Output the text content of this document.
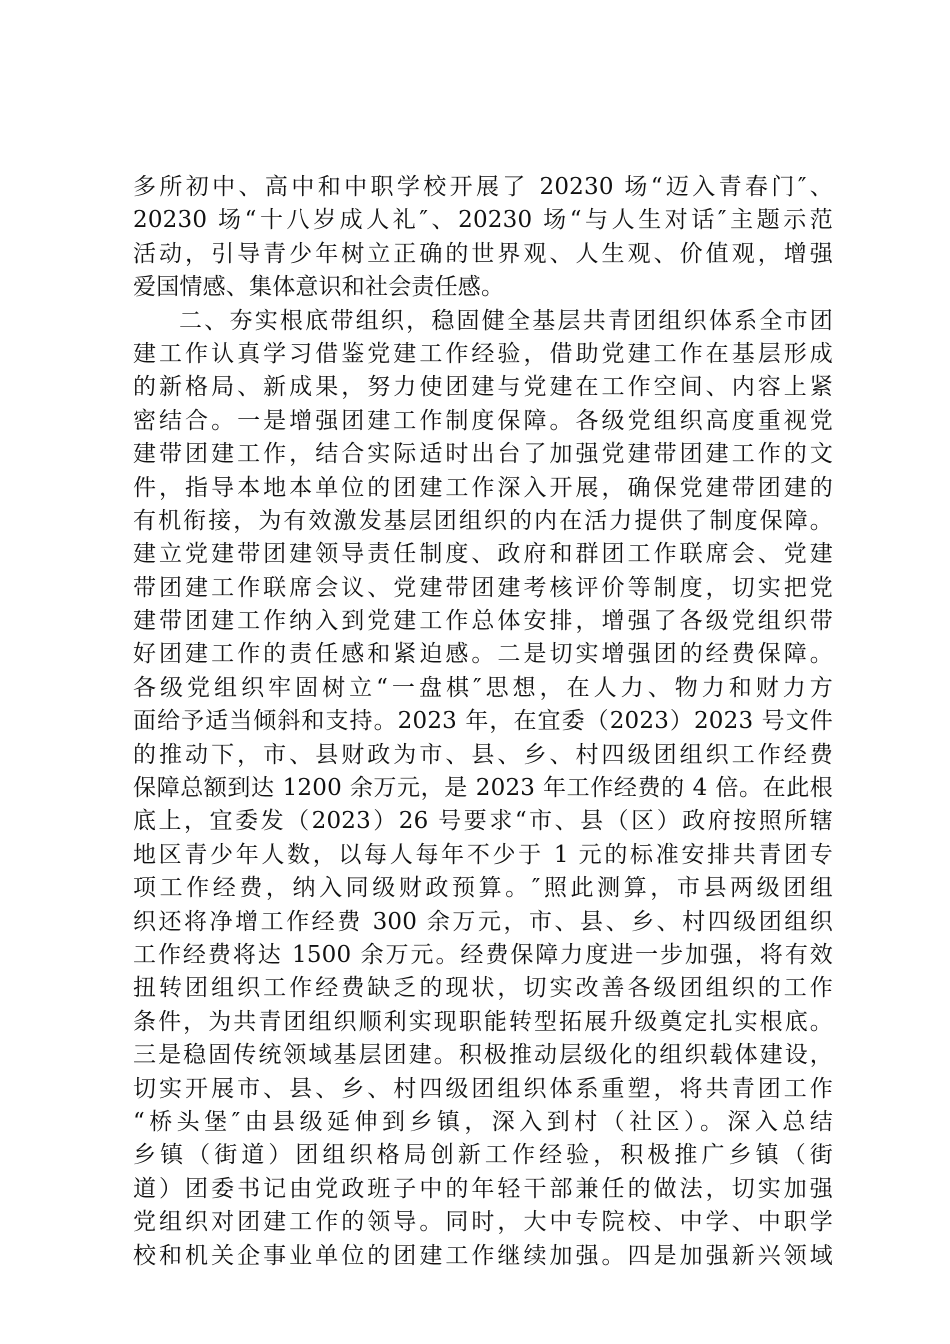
多所初中、高中和中职学校开展了 20230 场“迈入青春门″、
20230 场“十八岁成人礼″、20230 场“与人生对话″主题示范
活动，引导青少年树立正确的世界观、人生观、价值观，增强
爱国情感、集体意识和社会责任感。
二、夯实根底带组织，稳固健全基层共青团组织体系全市团
建工作认真学习借鉴党建工作经验，借助党建工作在基层形成
的新格局、新成果，努力使团建与党建在工作空间、内容上紧
密结合。一是增强团建工作制度保障。各级党组织高度重视党
建带团建工作，结合实际适时出台了加强党建带团建工作的文
件，指导本地本单位的团建工作深入开展，确保党建带团建的
有机衔接，为有效激发基层团组织的内在活力提供了制度保障。
建立党建带团建领导责任制度、政府和群团工作联席会、党建
带团建工作联席会议、党建带团建考核评价等制度，切实把党
建带团建工作纳入到党建工作总体安排，增强了各级党组织带
好团建工作的责任感和紧迫感。二是切实增强团的经费保障。
各级党组织牢固树立“一盘棋″思想，在人力、物力和财力方
面给予适当倾斜和支持。2023 年，在宜委（2023）2023 号文件
的推动下，市、县财政为市、县、乡、村四级团组织工作经费
保障总额到达 1200 余万元，是 2023 年工作经费的 4 倍。在此根
底上，宜委发（2023）26 号要求“市、县（区）政府按照所辖
地区青少年人数，以每人每年不少于 1 元的标准安排共青团专
项工作经费，纳入同级财政预算。″照此测算，市县两级团组
织还将净增工作经费 300 余万元，市、县、乡、村四级团组织
工作经费将达 1500 余万元。经费保障力度进一步加强，将有效
扭转团组织工作经费缺乏的现状，切实改善各级团组织的工作
条件，为共青团组织顺利实现职能转型拓展升级奠定扎实根底。
三是稳固传统领域基层团建。积极推动层级化的组织载体建设，
切实开展市、县、乡、村四级团组织体系重塑，将共青团工作
“桥头堡″由县级延伸到乡镇，深入到村（社区）。深入总结
乡镇（街道）团组织格局创新工作经验，积极推广乡镇（街
道）团委书记由党政班子中的年轻干部兼任的做法，切实加强
党组织对团建工作的领导。同时，大中专院校、中学、中职学
校和机关企事业单位的团建工作继续加强。四是加强新兴领域
